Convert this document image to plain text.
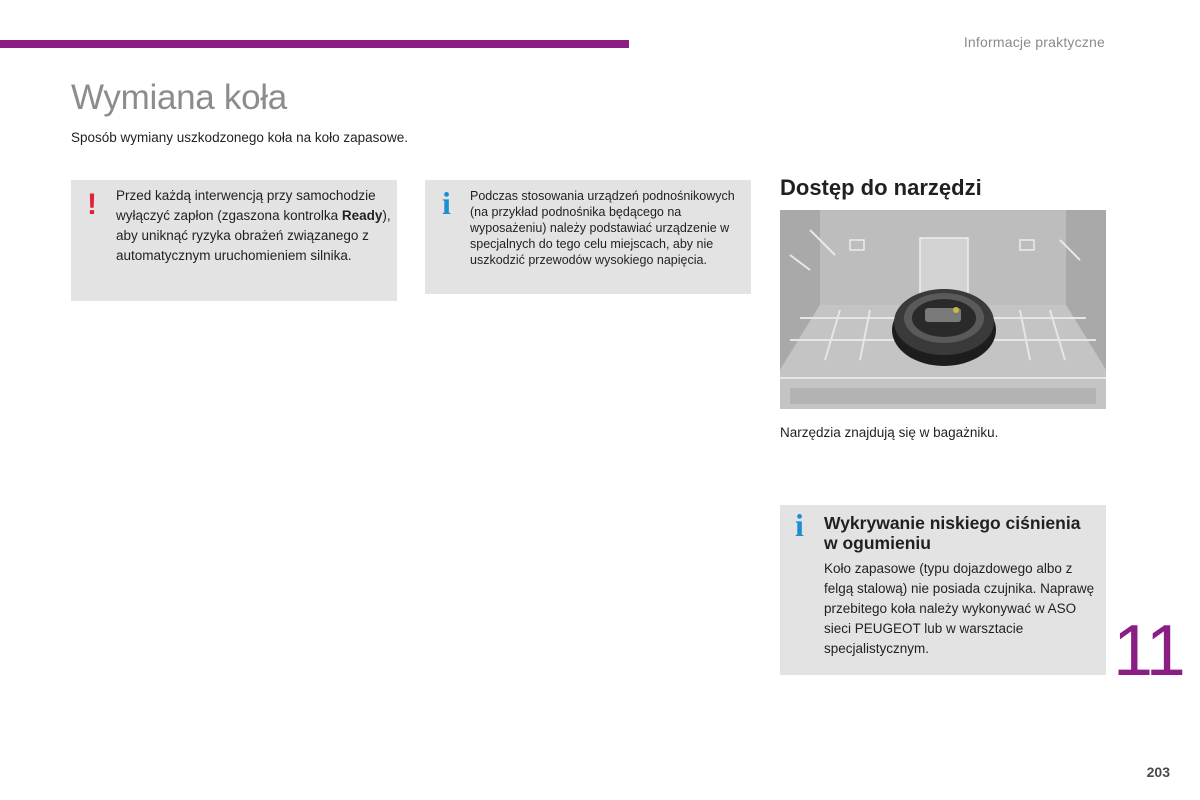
Informacje praktyczne
Wymiana koła
Sposób wymiany uszkodzonego koła na koło zapasowe.
! Przed każdą interwencją przy samochodzie wyłączyć zapłon (zgaszona kontrolka Ready), aby uniknąć ryzyka obrażeń związanego z automatycznym uruchomieniem silnika.
i Podczas stosowania urządzeń podnośnikowych (na przykład podnośnika będącego na wyposażeniu) należy podstawiać urządzenie w specjalnych do tego celu miejscach, aby nie uszkodzić przewodów wysokiego napięcia.
Dostęp do narzędzi
Narzędzia znajdują się w bagażniku.
i Wykrywanie niskiego ciśnienia w ogumieniu
Koło zapasowe (typu dojazdowego albo z felgą stalową) nie posiada czujnika. Naprawę przebitego koła należy wykonywać w ASO sieci PEUGEOT lub w warsztacie specjalistycznym.	11
203
